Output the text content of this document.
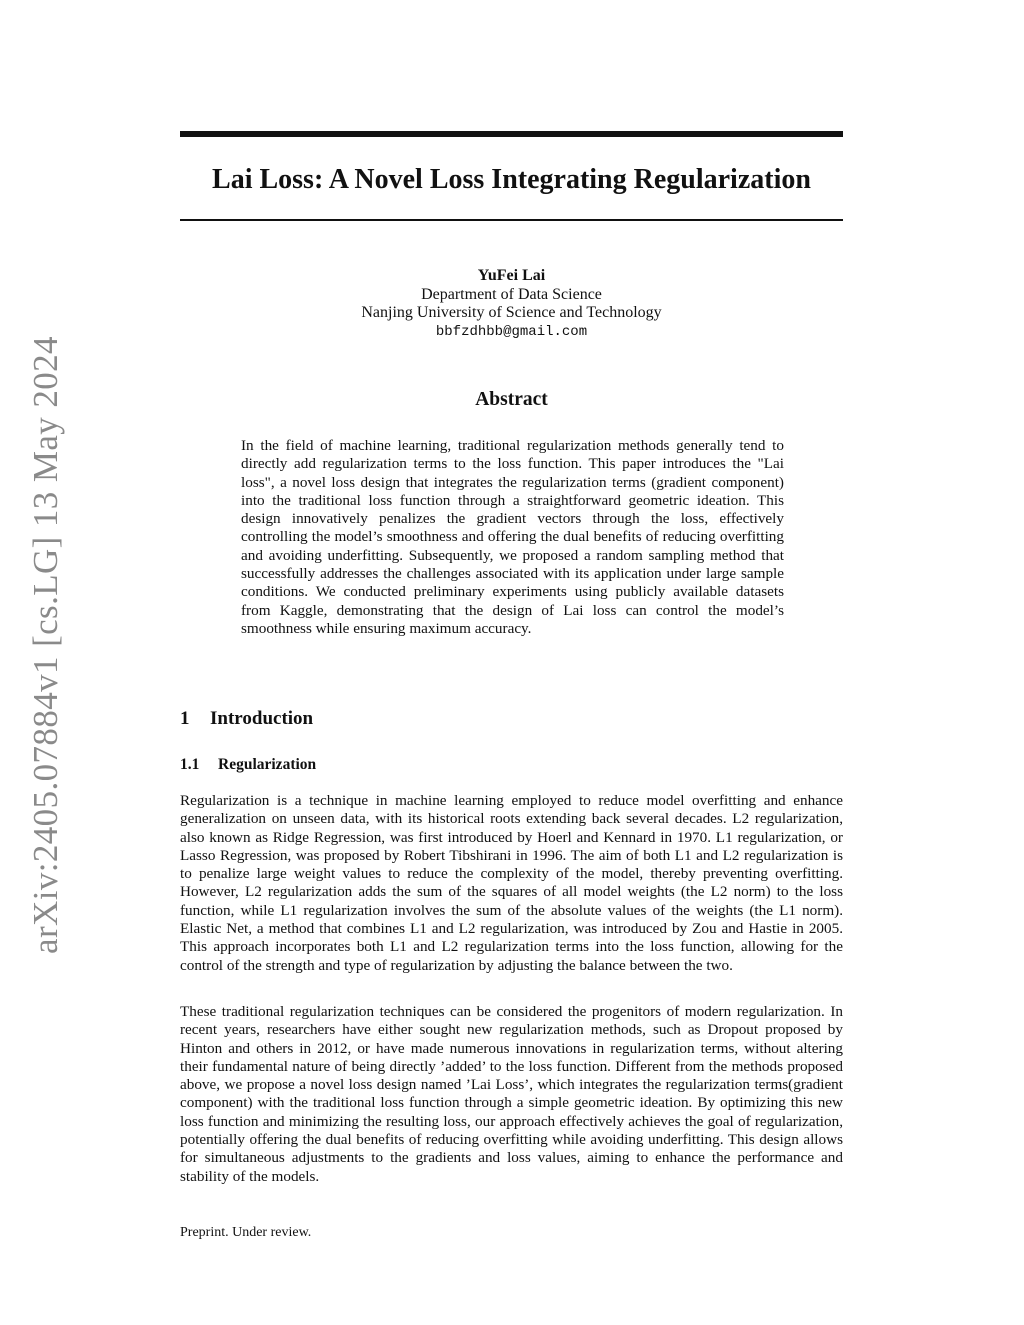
arXiv:2405.07884v1 [cs.LG] 13 May 2024
Lai Loss: A Novel Loss Integrating Regularization
YuFei Lai
Department of Data Science
Nanjing University of Science and Technology
bbfzdhbb@gmail.com
Abstract

In the field of machine learning, traditional regularization methods generally tend to directly add regularization terms to the loss function. This paper introduces the "Lai loss", a novel loss design that integrates the regularization terms (gradient component) into the traditional loss function through a straightforward geometric ideation. This design innovatively penalizes the gradient vectors through the loss, effectively controlling the model’s smoothness and offering the dual benefits of reducing overfitting and avoiding underfitting. Subsequently, we proposed a random sampling method that successfully addresses the challenges associated with its application under large sample conditions. We conducted preliminary experiments using publicly available datasets from Kaggle, demonstrating that the design of Lai loss can control the model’s smoothness while ensuring maximum accuracy.

1 Introduction
1.1 Regularization

Regularization is a technique in machine learning employed to reduce model overfitting and enhance generalization on unseen data, with its historical roots extending back several decades. L2 regularization, also known as Ridge Regression, was first introduced by Hoerl and Kennard in 1970. L1 regularization, or Lasso Regression, was proposed by Robert Tibshirani in 1996. The aim of both L1 and L2 regularization is to penalize large weight values to reduce the complexity of the model, thereby preventing overfitting. However, L2 regularization adds the sum of the squares of all model weights (the L2 norm) to the loss function, while L1 regularization involves the sum of the absolute values of the weights (the L1 norm). Elastic Net, a method that combines L1 and L2 regularization, was introduced by Zou and Hastie in 2005. This approach incorporates both L1 and L2 regularization terms into the loss function, allowing for the control of the strength and type of regularization by adjusting the balance between the two.

These traditional regularization techniques can be considered the progenitors of modern regularization. In recent years, researchers have either sought new regularization methods, such as Dropout proposed by Hinton and others in 2012, or have made numerous innovations in regularization terms, without altering their fundamental nature of being directly ’added’ to the loss function. Different from the methods proposed above, we propose a novel loss design named ’Lai Loss’, which integrates the regularization terms(gradient component) with the traditional loss function through a simple geometric ideation. By optimizing this new loss function and minimizing the resulting loss, our approach effectively achieves the goal of regularization, potentially offering the dual benefits of reducing overfitting while avoiding underfitting. This design allows for simultaneous adjustments to the gradients and loss values, aiming to enhance the performance and stability of the models.

Preprint. Under review.
